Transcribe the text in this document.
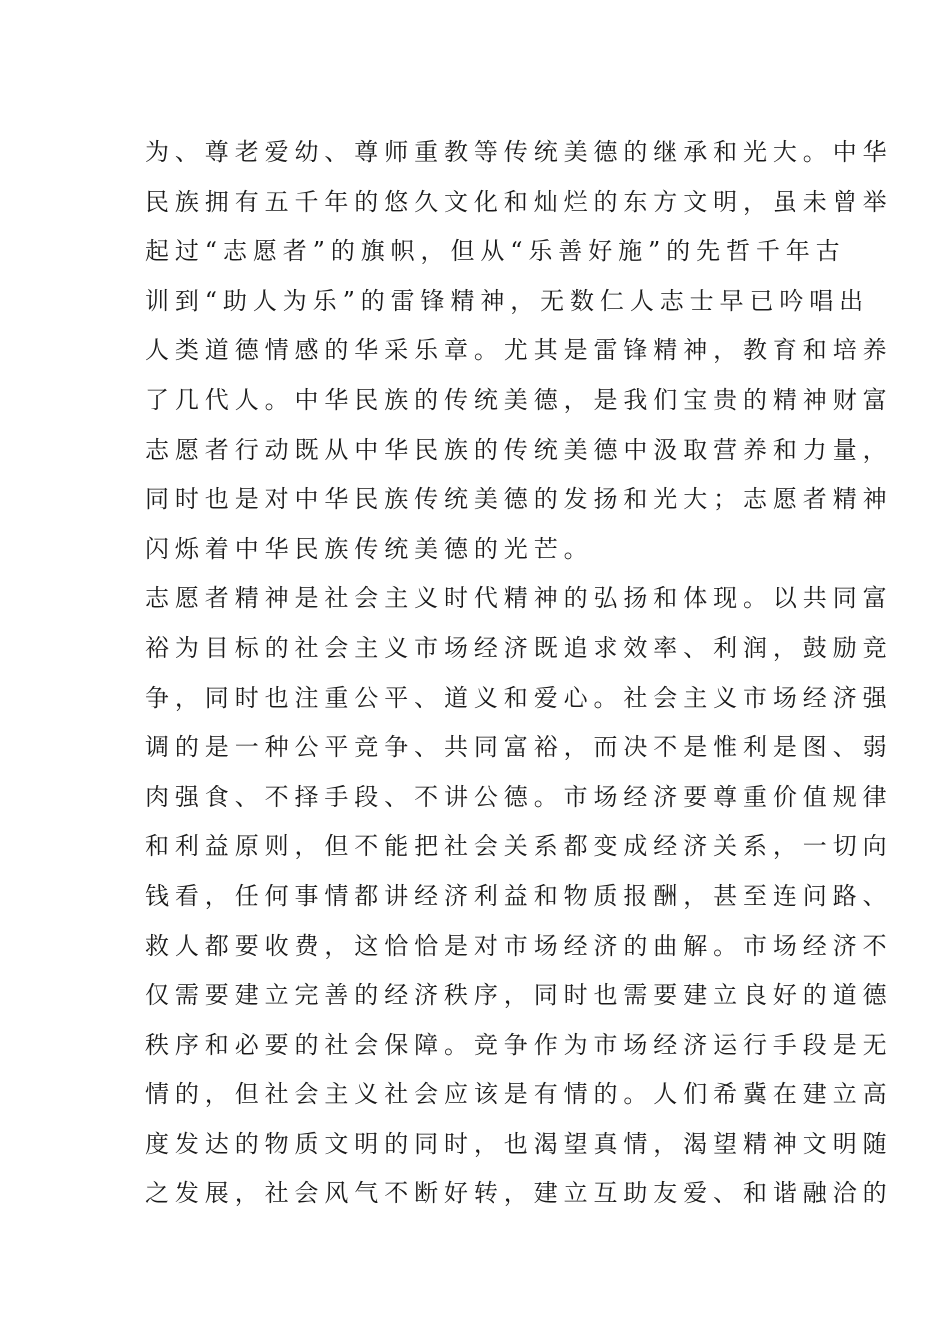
为、尊老爱幼、尊师重教等传统美德的继承和光大。中华
民族拥有五千年的悠久文化和灿烂的东方文明，虽未曾举
起过“志愿者”的旗帜，但从“乐善好施”的先哲千年古
训到“助人为乐”的雷锋精神，无数仁人志士早已吟唱出
人类道德情感的华采乐章。尤其是雷锋精神，教育和培养
了几代人。中华民族的传统美德，是我们宝贵的精神财富
志愿者行动既从中华民族的传统美德中汲取营养和力量，
同时也是对中华民族传统美德的发扬和光大；志愿者精神
闪烁着中华民族传统美德的光芒。
志愿者精神是社会主义时代精神的弘扬和体现。以共同富
裕为目标的社会主义市场经济既追求效率、利润，鼓励竞
争，同时也注重公平、道义和爱心。社会主义市场经济强
调的是一种公平竞争、共同富裕，而决不是惟利是图、弱
肉强食、不择手段、不讲公德。市场经济要尊重价值规律
和利益原则，但不能把社会关系都变成经济关系，一切向
钱看，任何事情都讲经济利益和物质报酬，甚至连问路、
救人都要收费，这恰恰是对市场经济的曲解。市场经济不
仅需要建立完善的经济秩序，同时也需要建立良好的道德
秩序和必要的社会保障。竞争作为市场经济运行手段是无
情的，但社会主义社会应该是有情的。人们希冀在建立高
度发达的物质文明的同时，也渴望真情，渴望精神文明随
之发展，社会风气不断好转，建立互助友爱、和谐融洽的
